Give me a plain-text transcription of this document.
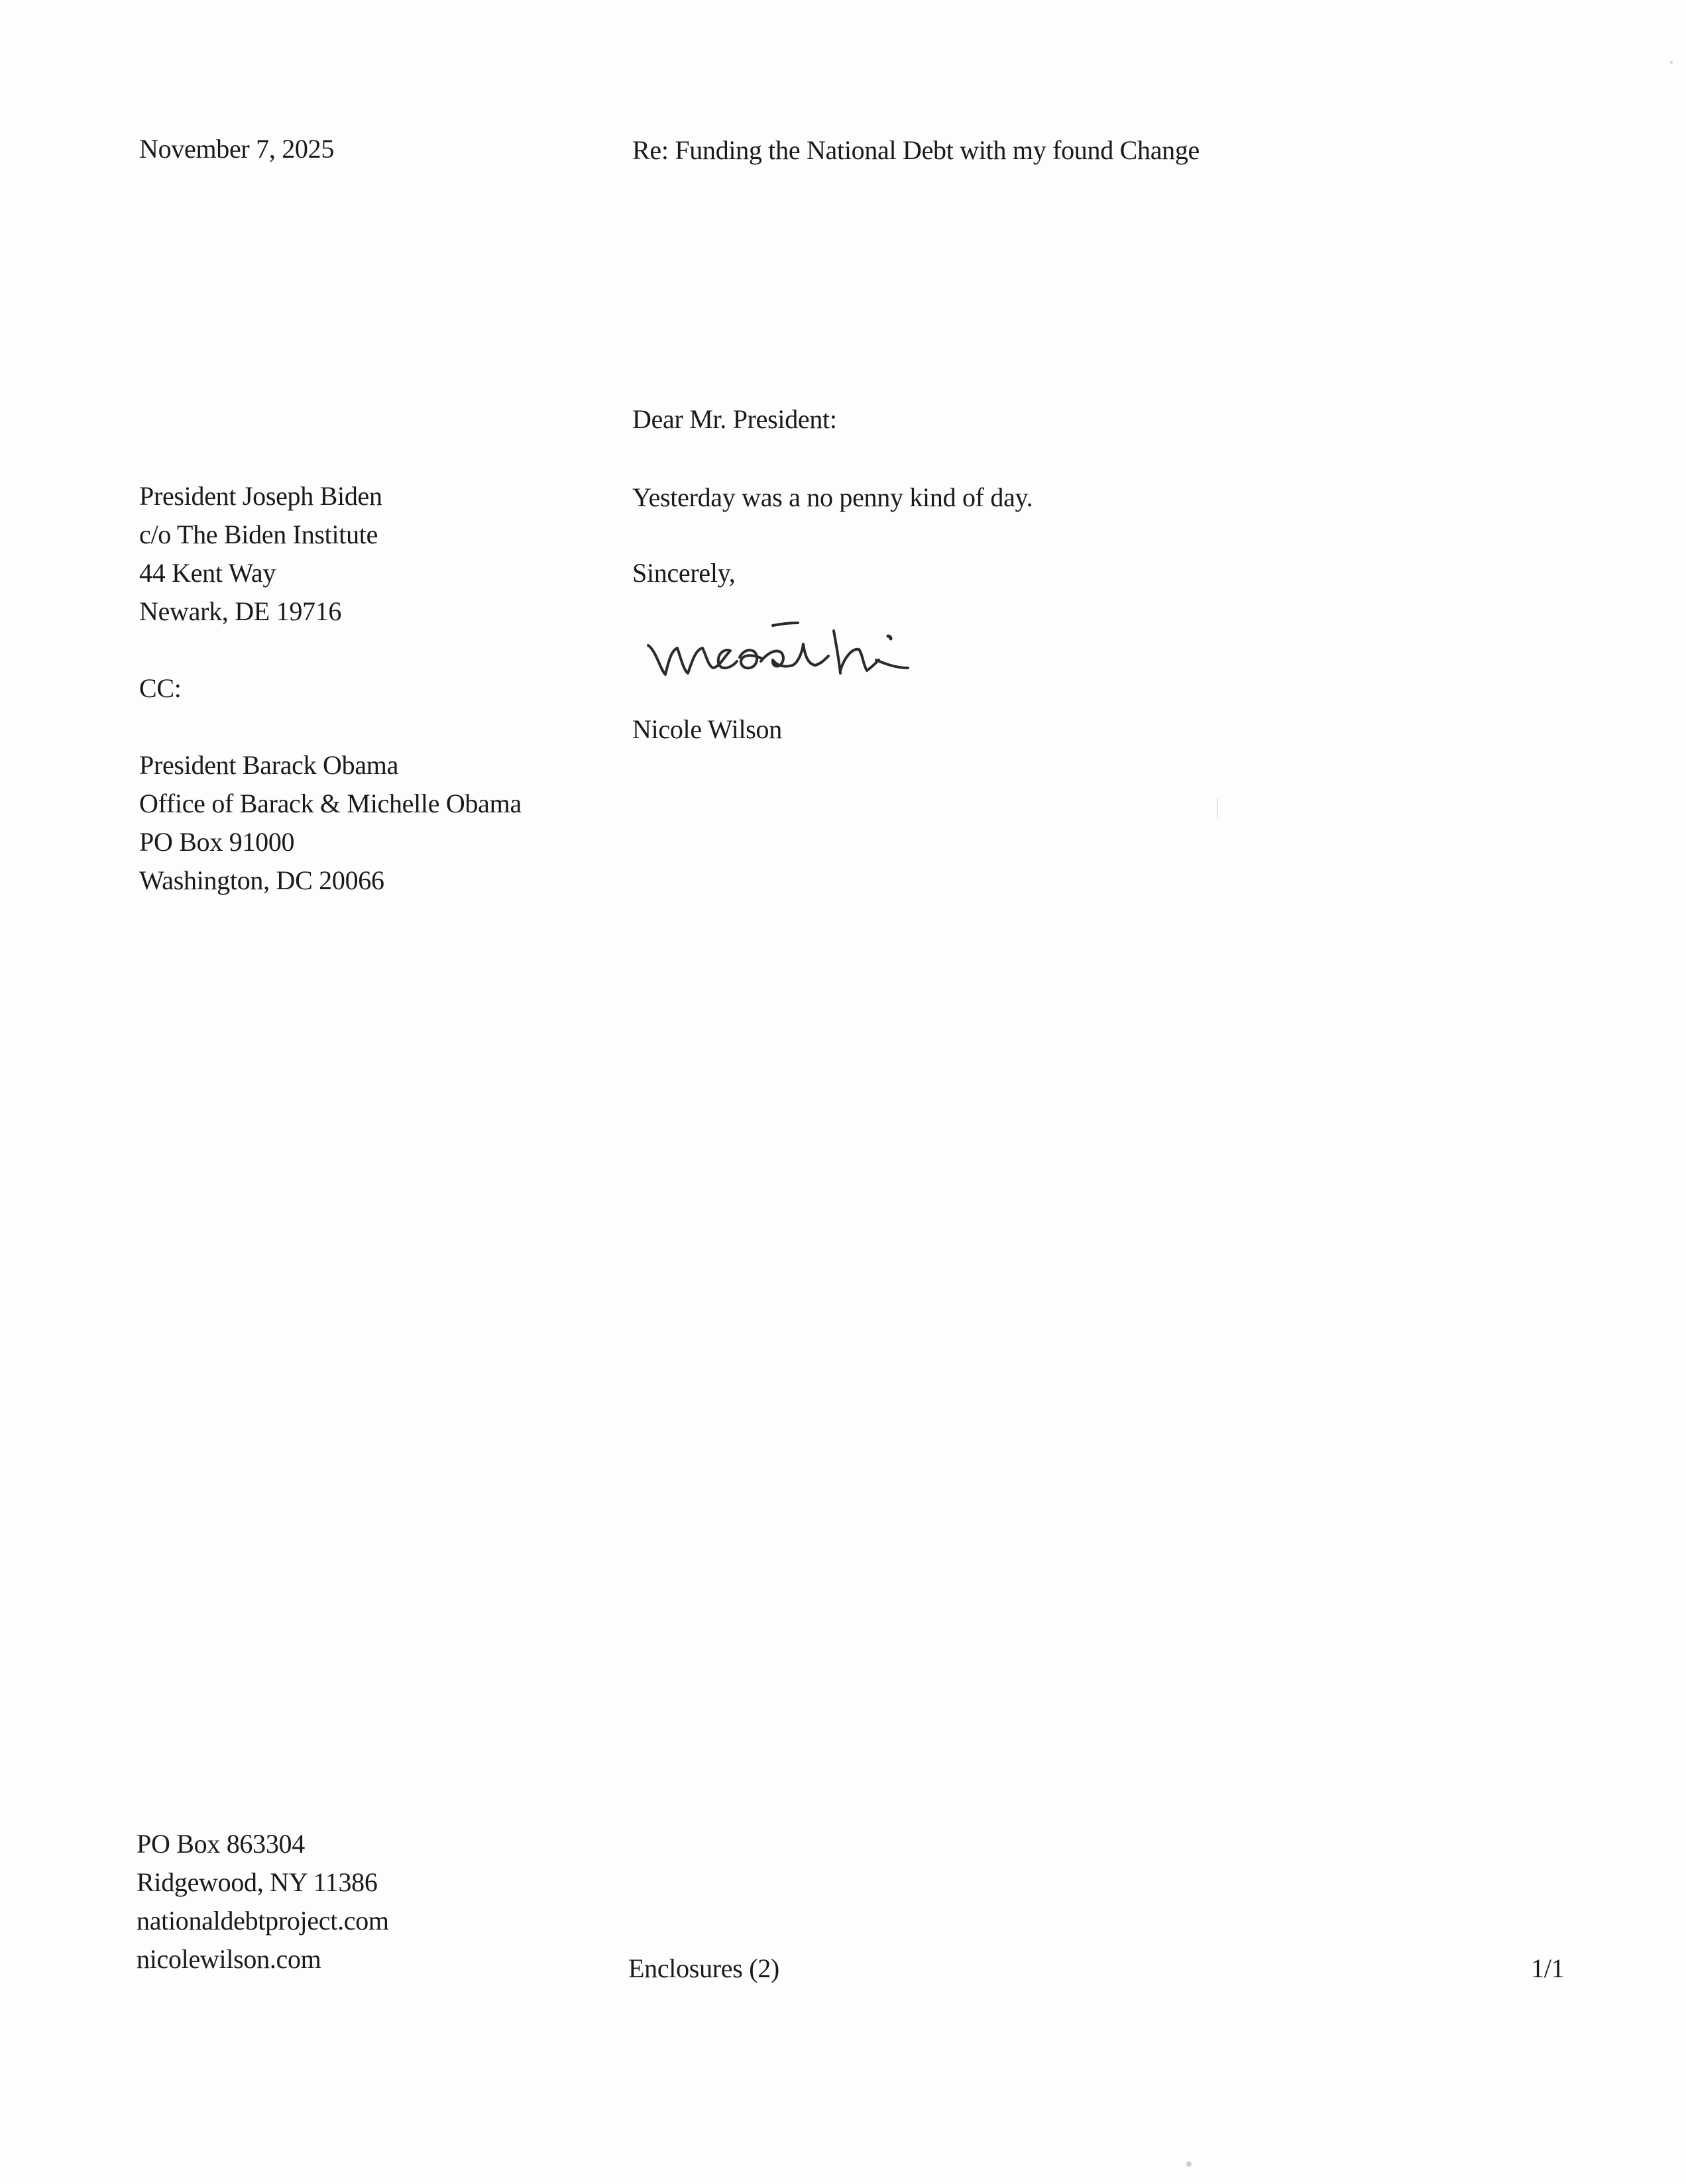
November 7, 2025	Re: Funding the National Debt with my found Change
Dear Mr. President:
President Joseph Biden
c/o The Biden Institute
44 Kent Way
Newark, DE 19716
Yesterday was a no penny kind of day.
Sincerely,
CC:
Nicole Wilson
President Barack Obama
Office of Barack & Michelle Obama
PO Box 91000
Washington, DC 20066
PO Box 863304
Ridgewood, NY 11386
nationaldebtproject.com
nicolewilson.com	Enclosures (2)	1/1
